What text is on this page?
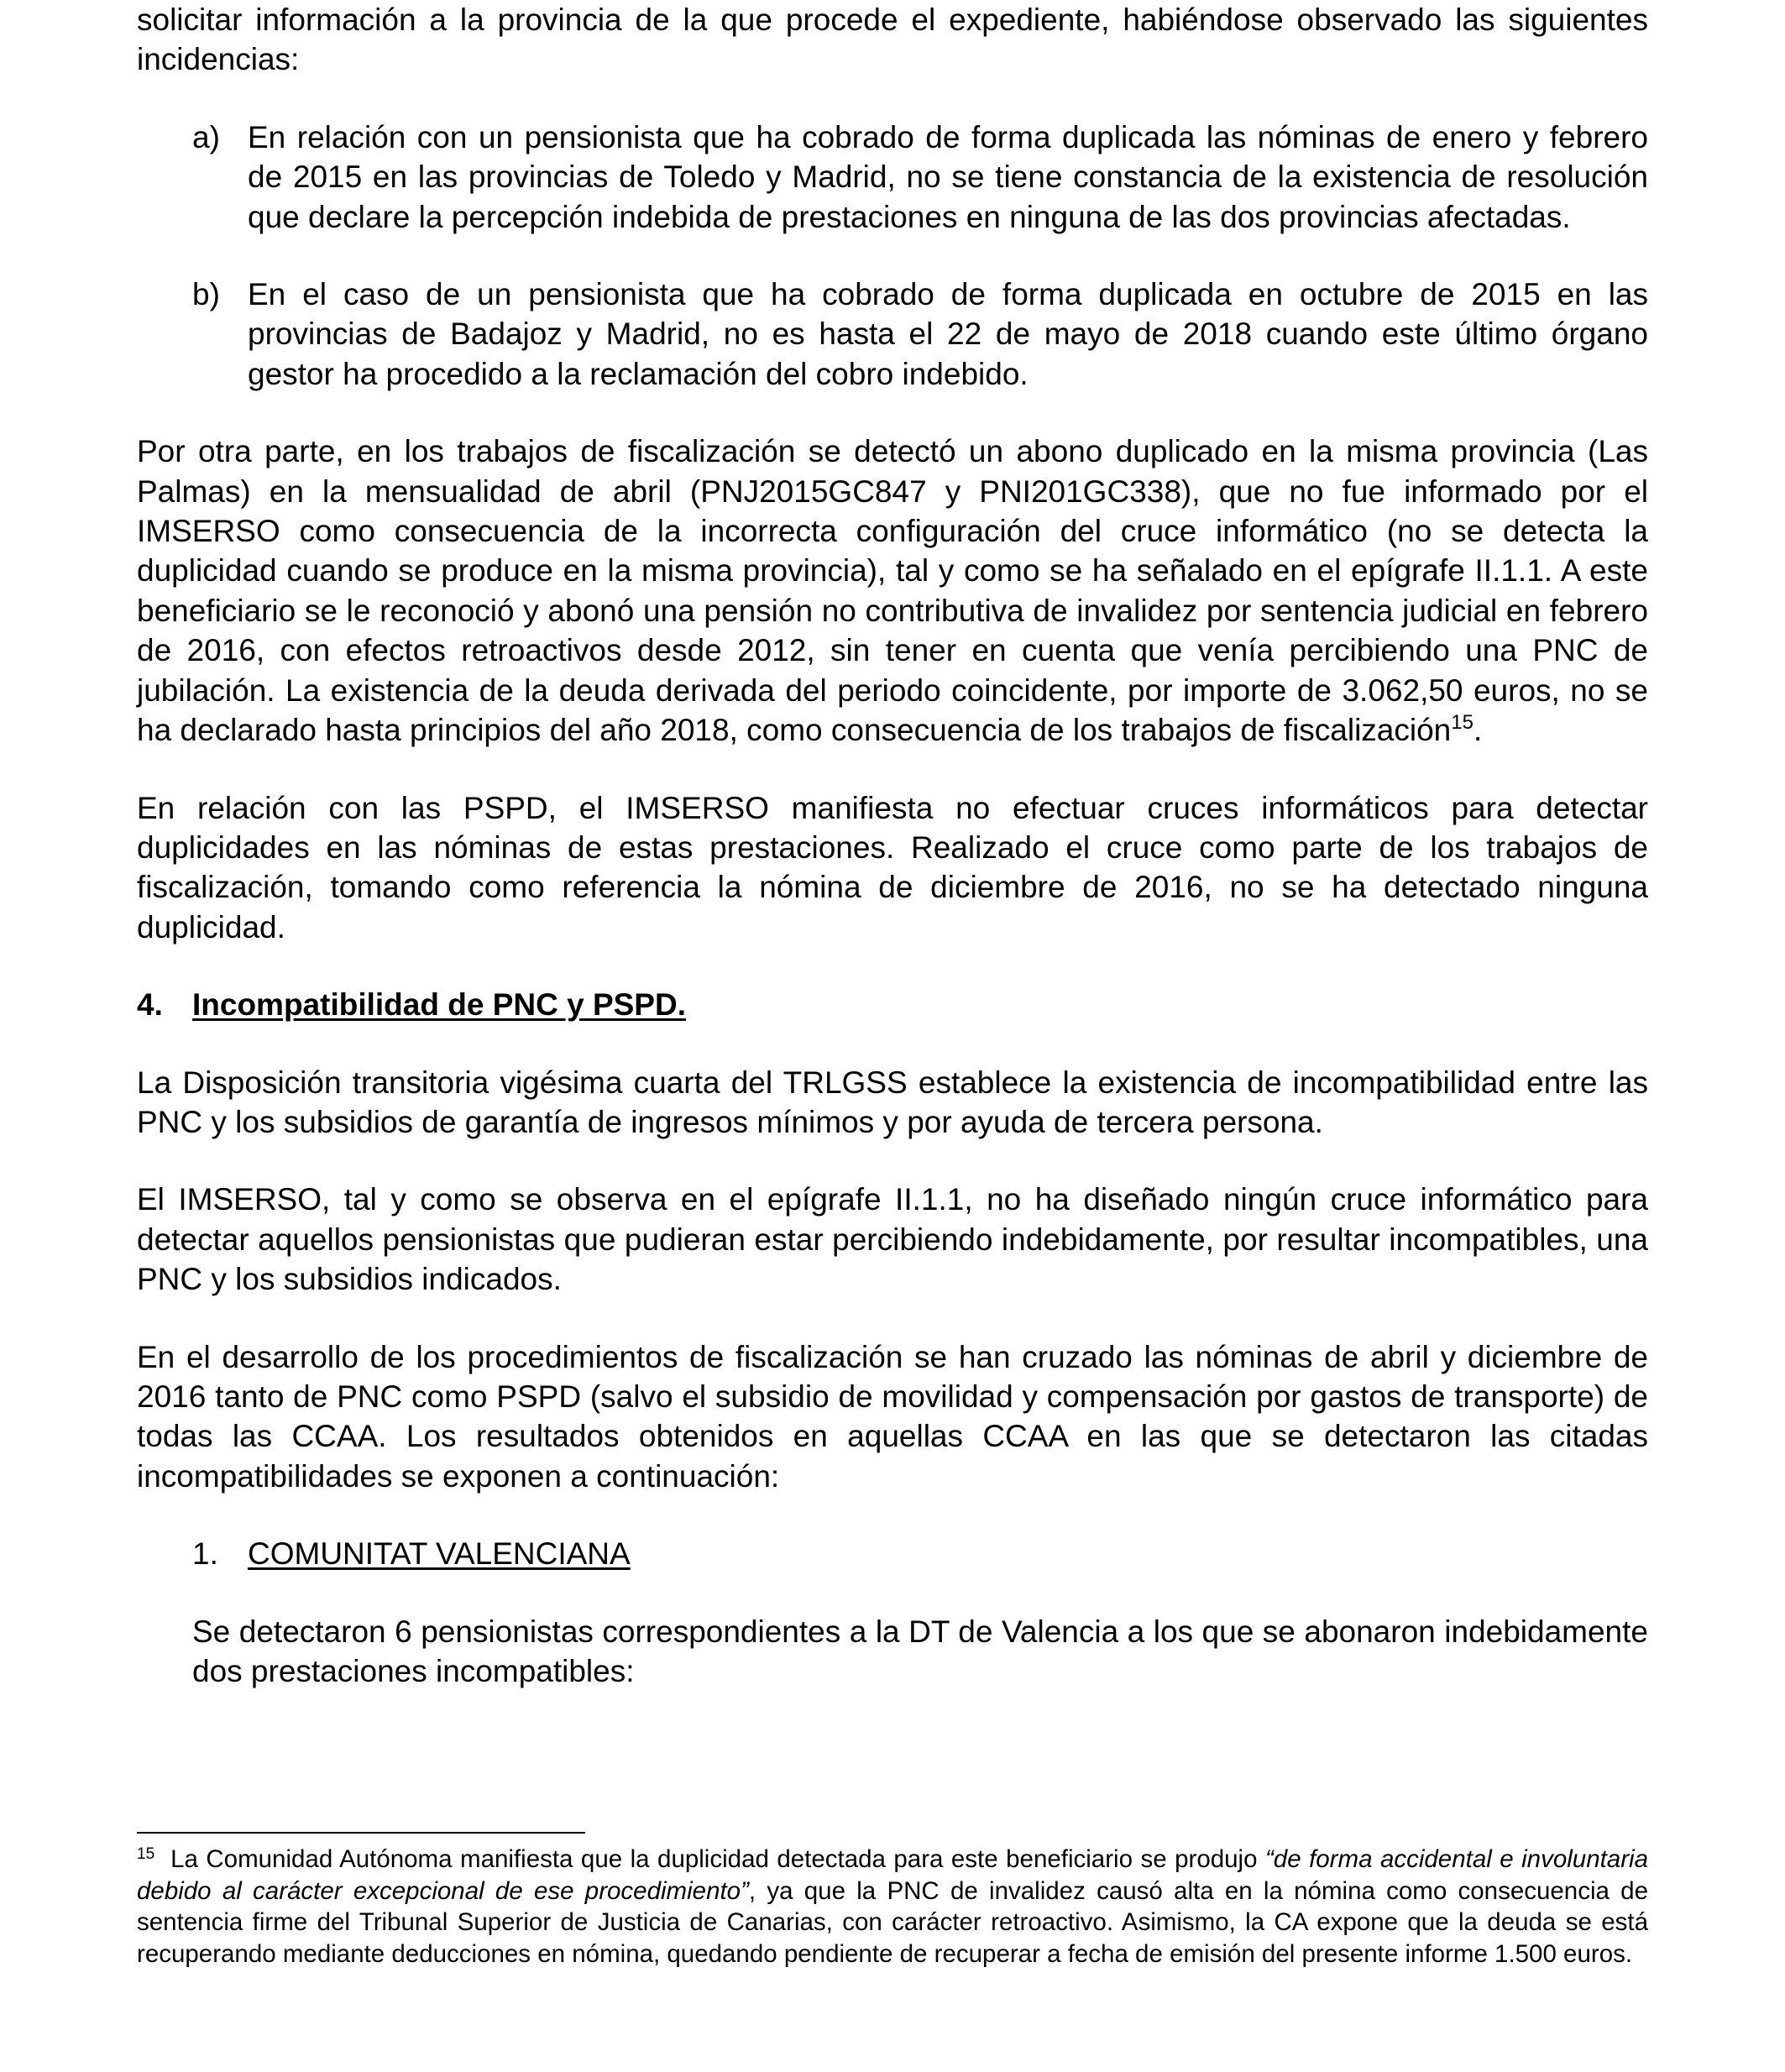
solicitar información a la provincia de la que procede el expediente, habiéndose observado las siguientes incidencias:

a) En relación con un pensionista que ha cobrado de forma duplicada las nóminas de enero y febrero de 2015 en las provincias de Toledo y Madrid, no se tiene constancia de la existencia de resolución que declare la percepción indebida de prestaciones en ninguna de las dos provincias afectadas.

b) En el caso de un pensionista que ha cobrado de forma duplicada en octubre de 2015 en las provincias de Badajoz y Madrid, no es hasta el 22 de mayo de 2018 cuando este último órgano gestor ha procedido a la reclamación del cobro indebido.

Por otra parte, en los trabajos de fiscalización se detectó un abono duplicado en la misma provincia (Las Palmas) en la mensualidad de abril (PNJ2015GC847 y PNI201GC338), que no fue informado por el IMSERSO como consecuencia de la incorrecta configuración del cruce informático (no se detecta la duplicidad cuando se produce en la misma provincia), tal y como se ha señalado en el epígrafe II.1.1. A este beneficiario se le reconoció y abonó una pensión no contributiva de invalidez por sentencia judicial en febrero de 2016, con efectos retroactivos desde 2012, sin tener en cuenta que venía percibiendo una PNC de jubilación. La existencia de la deuda derivada del periodo coincidente, por importe de 3.062,50 euros, no se ha declarado hasta principios del año 2018, como consecuencia de los trabajos de fiscalización$^{15}$.

En relación con las PSPD, el IMSERSO manifiesta no efectuar cruces informáticos para detectar duplicidades en las nóminas de estas prestaciones. Realizado el cruce como parte de los trabajos de fiscalización, tomando como referencia la nómina de diciembre de 2016, no se ha detectado ninguna duplicidad.

4. Incompatibilidad de PNC y PSPD.

La Disposición transitoria vigésima cuarta del TRLGSS establece la existencia de incompatibilidad entre las PNC y los subsidios de garantía de ingresos mínimos y por ayuda de tercera persona.

El IMSERSO, tal y como se observa en el epígrafe II.1.1, no ha diseñado ningún cruce informático para detectar aquellos pensionistas que pudieran estar percibiendo indebidamente, por resultar incompatibles, una PNC y los subsidios indicados.

En el desarrollo de los procedimientos de fiscalización se han cruzado las nóminas de abril y diciembre de 2016 tanto de PNC como PSPD (salvo el subsidio de movilidad y compensación por gastos de transporte) de todas las CCAA. Los resultados obtenidos en aquellas CCAA en las que se detectaron las citadas incompatibilidades se exponen a continuación:

1. COMUNITAT VALENCIANA

Se detectaron 6 pensionistas correspondientes a la DT de Valencia a los que se abonaron indebidamente dos prestaciones incompatibles:

$^{15}$ La Comunidad Autónoma manifiesta que la duplicidad detectada para este beneficiario se produjo “de forma accidental e involuntaria debido al carácter excepcional de ese procedimiento”, ya que la PNC de invalidez causó alta en la nómina como consecuencia de sentencia firme del Tribunal Superior de Justicia de Canarias, con carácter retroactivo. Asimismo, la CA expone que la deuda se está recuperando mediante deducciones en nómina, quedando pendiente de recuperar a fecha de emisión del presente informe 1.500 euros.
